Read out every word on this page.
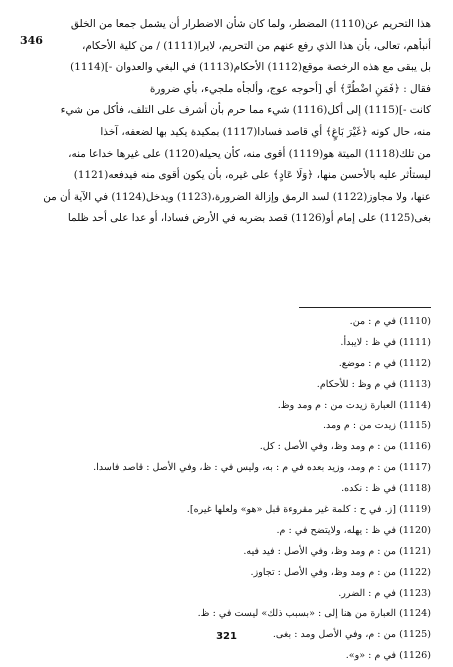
346
هذا التحريم عن(1110) المضطر، ولما كان شأن الاضطرار أن يشمل جمعا من الخلق
أنبأهم، تعالى، بأن هذا الذي رفع عنهم من التحريم، لايرا(1111) / من كلية الأحكام،
بل يبقى مع هذه الرخصة موقع(1112) الأحكام(1113) في البغي والعدوان -](1114)
فقال : ﴿فَمَنِ اضْطُرَّ﴾ أي [أحوجه عوج، وألجأه ملجيء، بأي ضرورة
كانت -](1115) إلى أكل(1116) شيء مما حرم بأن أشرف على التلف، فأكل من شيء
منه، حال كونه ﴿غَيْرَ بَاغٍ﴾ أي قاصد فسادا(1117) بمكيدة يكيد بها لضعفه، آخذا
من تلك(1118) الميتة هو(1119) أقوى منه، كأن يحيله(1120) على غيرها خداعا منه،
ليستأثر عليه بالأحسن منها، ﴿وَلَا عَادٍ﴾ على غيره، بأن يكون أقوى منه فيدفعه(1121)
عنها، ولا مجاوز(1122) لسد الرمق وإزالة الضرورة،(1123) ويدخل(1124) في الآية أن من
بغى(1125) على إمام أو(1126) قصد بضربه في الأرض فسادا، أو عدا على أحد ظلما
(1110) في م : من.
(1111) في ظ : لايبدأ.
(1112) في م : موضع.
(1113) في م وظ : للأحكام.
(1114) العبارة زيدت من : م ومد وظ.
(1115) زيدت من : م ومد.
(1116) من : م ومد وظ، وفي الأصل : كل.
(1117) من : م ومد، وزيد بعده في م : به، وليس في : ظ، وفي الأصل : قاصد فاسدا.
(1118) في ظ : نكده.
(1119) [ز. في ح : كلمة غير مقروءة قبل «هو» ولعلها غيره].
(1120) في ظ : يهله، ولايتضح في : م.
(1121) من : م ومد وظ، وفي الأصل : فيد فيه.
(1122) من : م ومد وظ، وفي الأصل : تجاوز.
(1123) في م : الضرر.
(1124) العبارة من هنا إلى : «بسبب ذلك» ليست في : ظ.
(1125) من : م، وفي الأصل ومد : بغى.
(1126) في م : «و».
321
